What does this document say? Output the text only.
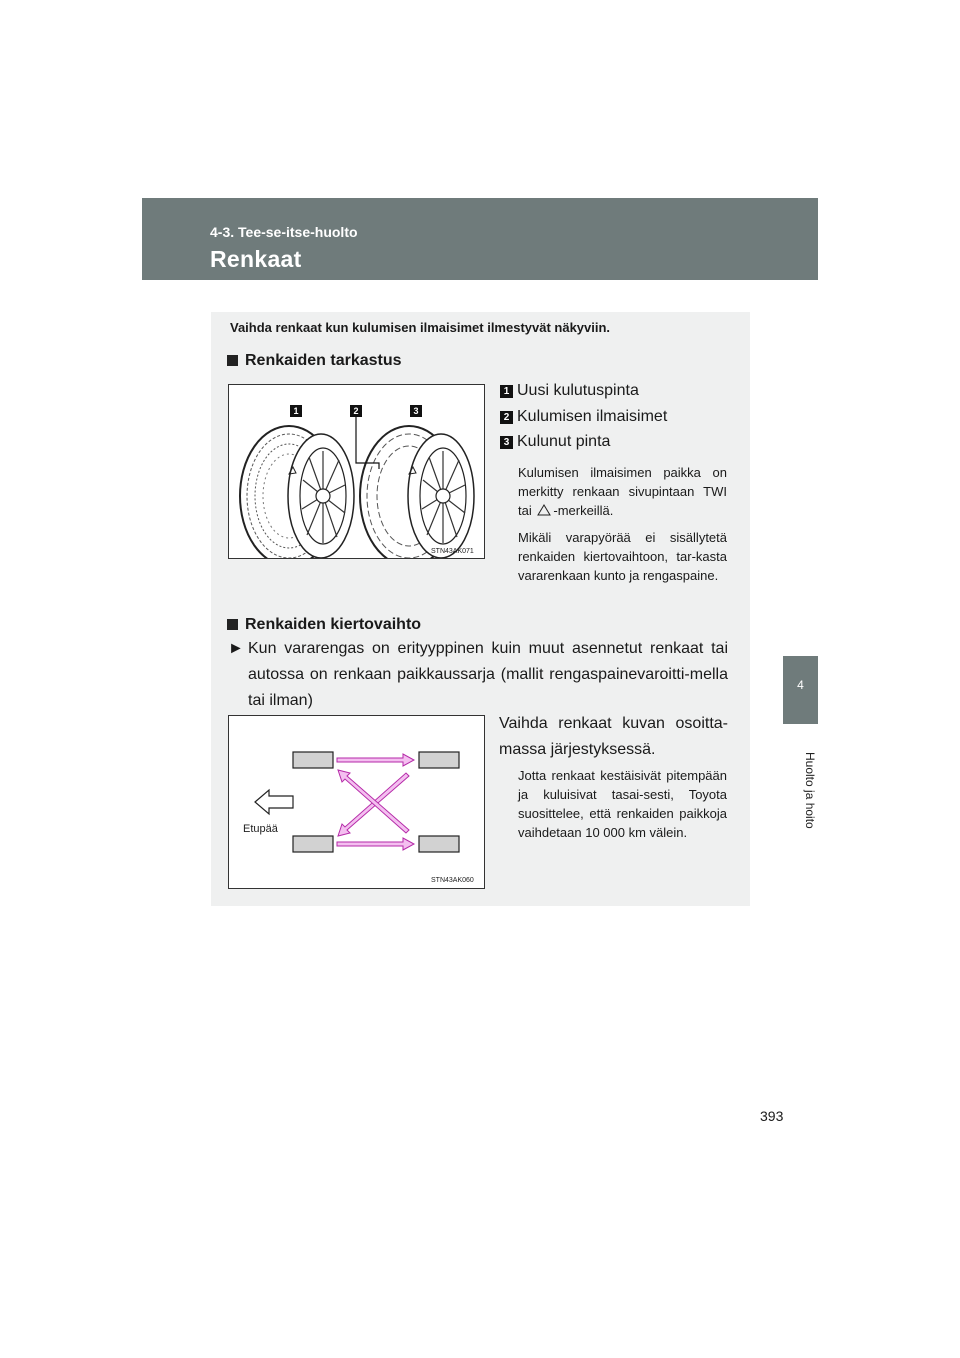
4-3. Tee-se-itse-huolto
Renkaat
4
Huolto ja hoito
Vaihda renkaat kun kulumisen ilmaisimet ilmestyvät näkyviin.
Renkaiden tarkastus
1	2	3
STN43AK071
1 Uusi kulutuspinta
2 Kulumisen ilmaisimet
3 Kulunut pinta
Kulumisen ilmaisimen paikka on merkitty renkaan sivupintaan TWI tai -merkeillä.
Mikäli varapyörää ei sisällytetä renkaiden kiertovaihtoon, tar-kasta vararenkaan kunto ja rengaspaine.
Renkaiden kiertovaihto
► Kun vararengas on erityyppinen kuin muut asennetut renkaat tai autossa on renkaan paikkaussarja (mallit rengaspainevaroitti-mella tai ilman)
Etupää
STN43AK060
Vaihda renkaat kuvan osoitta-massa järjestyksessä.
Jotta renkaat kestäisivät pitempään ja kuluisivat tasai-sesti, Toyota suosittelee, että renkaiden paikkoja vaihdetaan 10 000 km välein.
393
